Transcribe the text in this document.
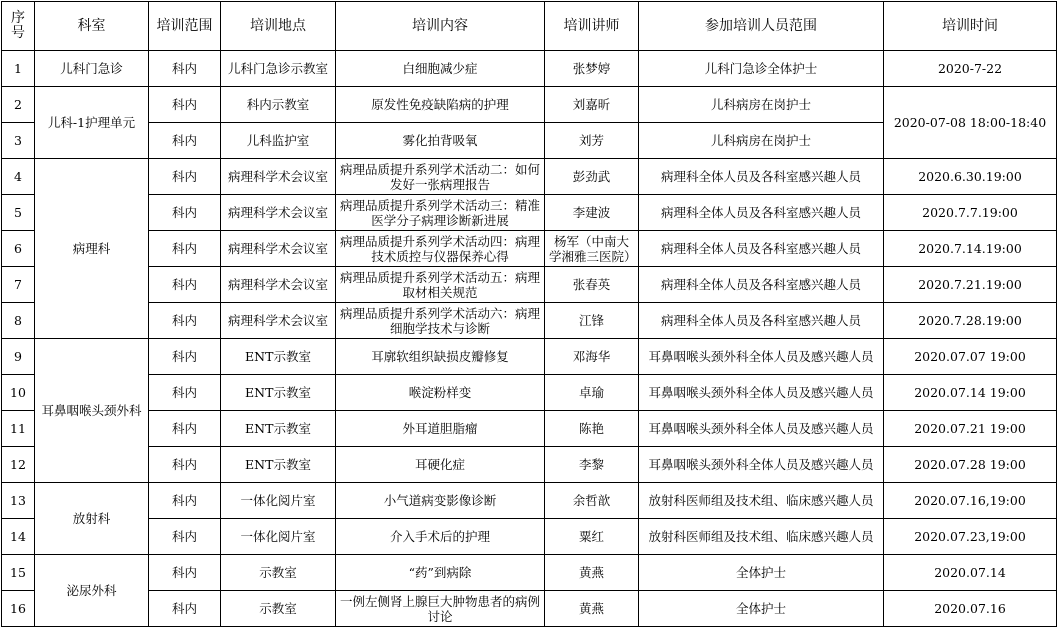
序号	科室	培训范围	培训地点	培训内容	培训讲师	参加培训人员范围	培训时间
1	儿科门急诊	科内	儿科门急诊示教室	白细胞减少症	张梦婷	儿科门急诊全体护士	2020-7-22
2	儿科-1护理单元	科内	科内示教室	原发性免疫缺陷病的护理	刘嘉昕	儿科病房在岗护士	2020-07-08 18:00-18:40
3		科内	儿科监护室	雾化拍背吸氧	刘芳	儿科病房在岗护士	
4	病理科	科内	病理科学术会议室	病理品质提升系列学术活动二：如何发好一张病理报告	彭劲武	病理科全体人员及各科室感兴趣人员	2020.6.30.19:00
5		科内	病理科学术会议室	病理品质提升系列学术活动三：精准医学分子病理诊断新进展	李建波	病理科全体人员及各科室感兴趣人员	2020.7.7.19:00
6		科内	病理科学术会议室	病理品质提升系列学术活动四：病理技术质控与仪器保养心得	杨军（中南大学湘雅三医院）	病理科全体人员及各科室感兴趣人员	2020.7.14.19:00
7		科内	病理科学术会议室	病理品质提升系列学术活动五：病理取材相关规范	张春英	病理科全体人员及各科室感兴趣人员	2020.7.21.19:00
8		科内	病理科学术会议室	病理品质提升系列学术活动六：病理细胞学技术与诊断	江锋	病理科全体人员及各科室感兴趣人员	2020.7.28.19:00
9	耳鼻咽喉头颈外科	科内	ENT示教室	耳廓软组织缺损皮瓣修复	邓海华	耳鼻咽喉头颈外科全体人员及感兴趣人员	2020.07.07 19:00
10		科内	ENT示教室	喉淀粉样变	卓瑜	耳鼻咽喉头颈外科全体人员及感兴趣人员	2020.07.14 19:00
11		科内	ENT示教室	外耳道胆脂瘤	陈艳	耳鼻咽喉头颈外科全体人员及感兴趣人员	2020.07.21 19:00
12		科内	ENT示教室	耳硬化症	李黎	耳鼻咽喉头颈外科全体人员及感兴趣人员	2020.07.28 19:00
13	放射科	科内	一体化阅片室	小气道病变影像诊断	余哲歆	放射科医师组及技术组、临床感兴趣人员	2020.07.16,19:00
14		科内	一体化阅片室	介入手术后的护理	粟红	放射科医师组及技术组、临床感兴趣人员	2020.07.23,19:00
15	泌尿外科	科内	示教室	“药”到病除	黄燕	全体护士	2020.07.14
16		科内	示教室	一例左侧肾上腺巨大肿物患者的病例讨论	黄燕	全体护士	2020.07.16
